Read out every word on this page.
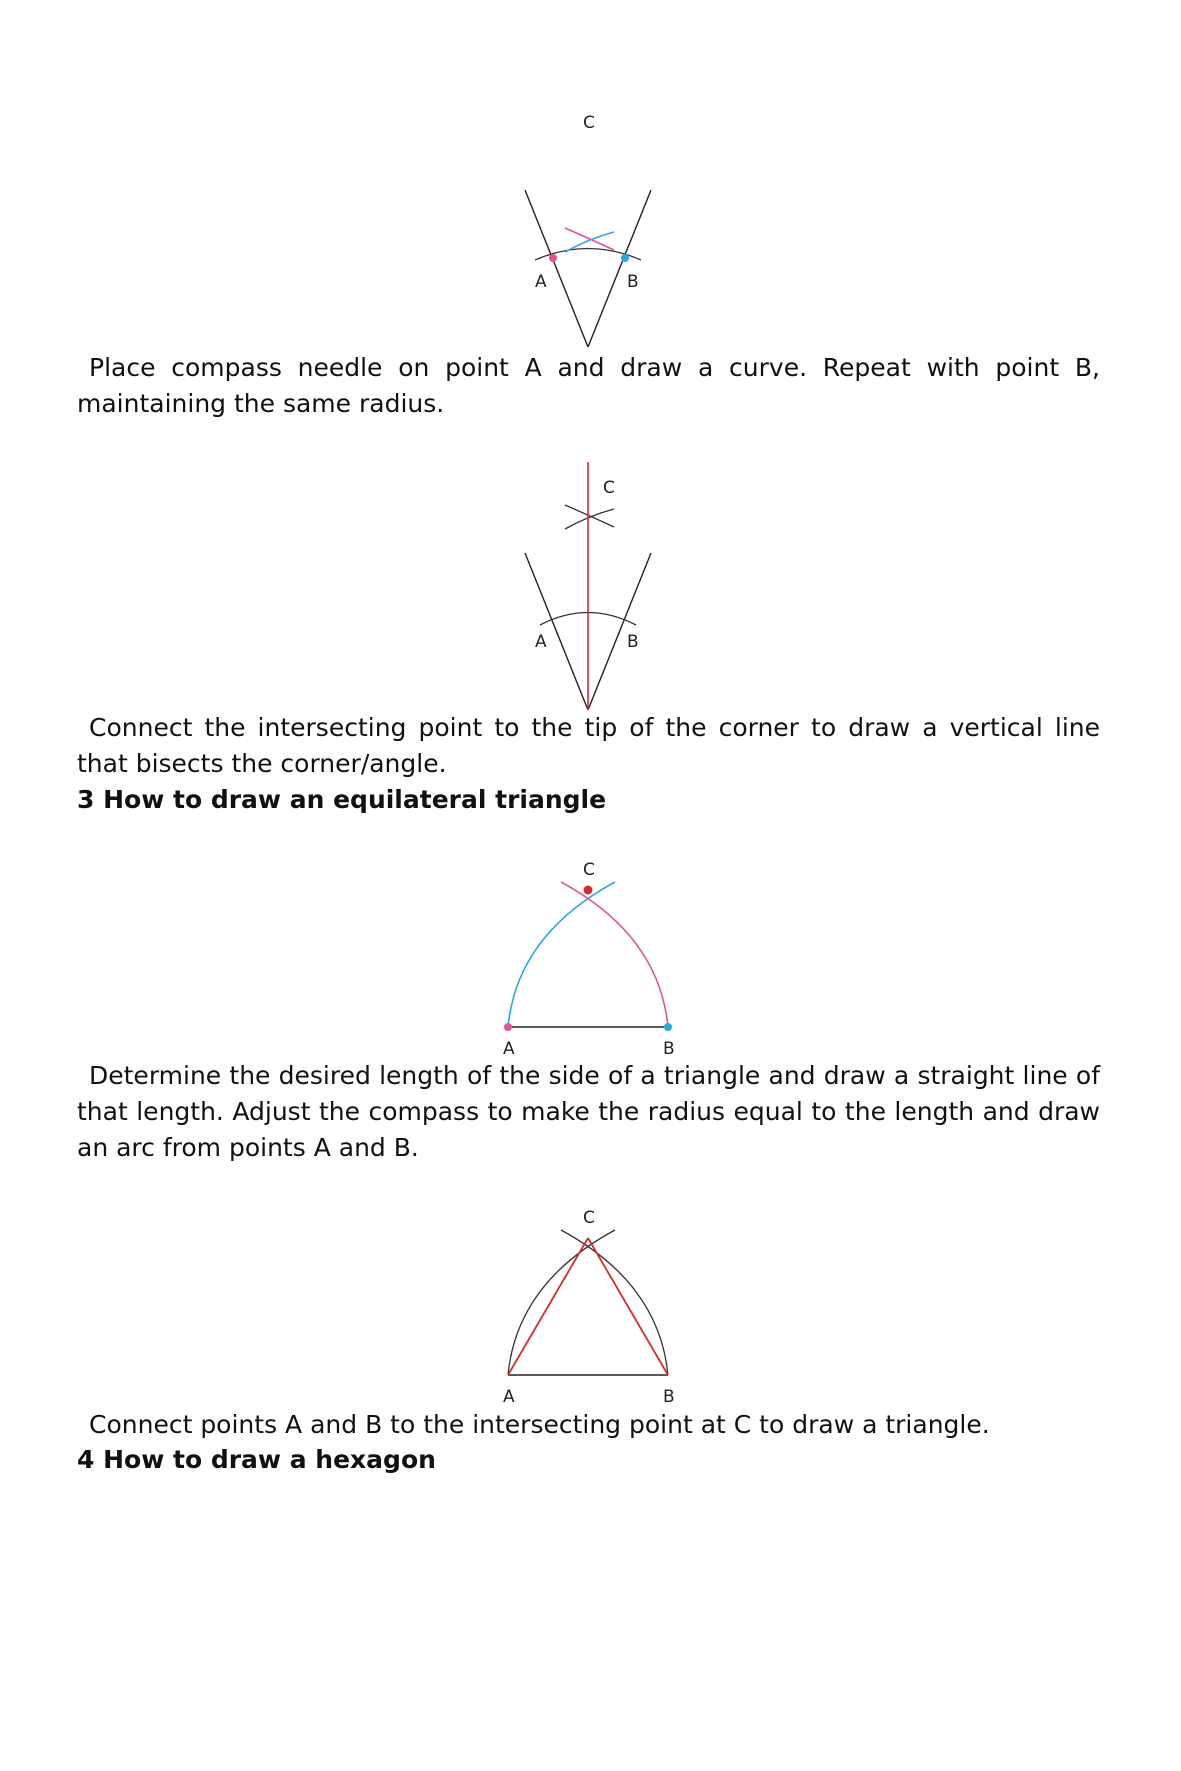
C
A	B

Place compass needle on point A and draw a curve. Repeat with point B, maintaining the same radius.

C
A	B

Connect the intersecting point to the tip of the corner to draw a vertical line that bisects the corner/angle.

3 How to draw an equilateral triangle
C
A	B

Determine the desired length of the side of a triangle and draw a straight line of that length. Adjust the compass to make the radius equal to the length and draw an arc from points A and B.

C
A	B

Connect points A and B to the intersecting point at C to draw a triangle.

4 How to draw a hexagon
